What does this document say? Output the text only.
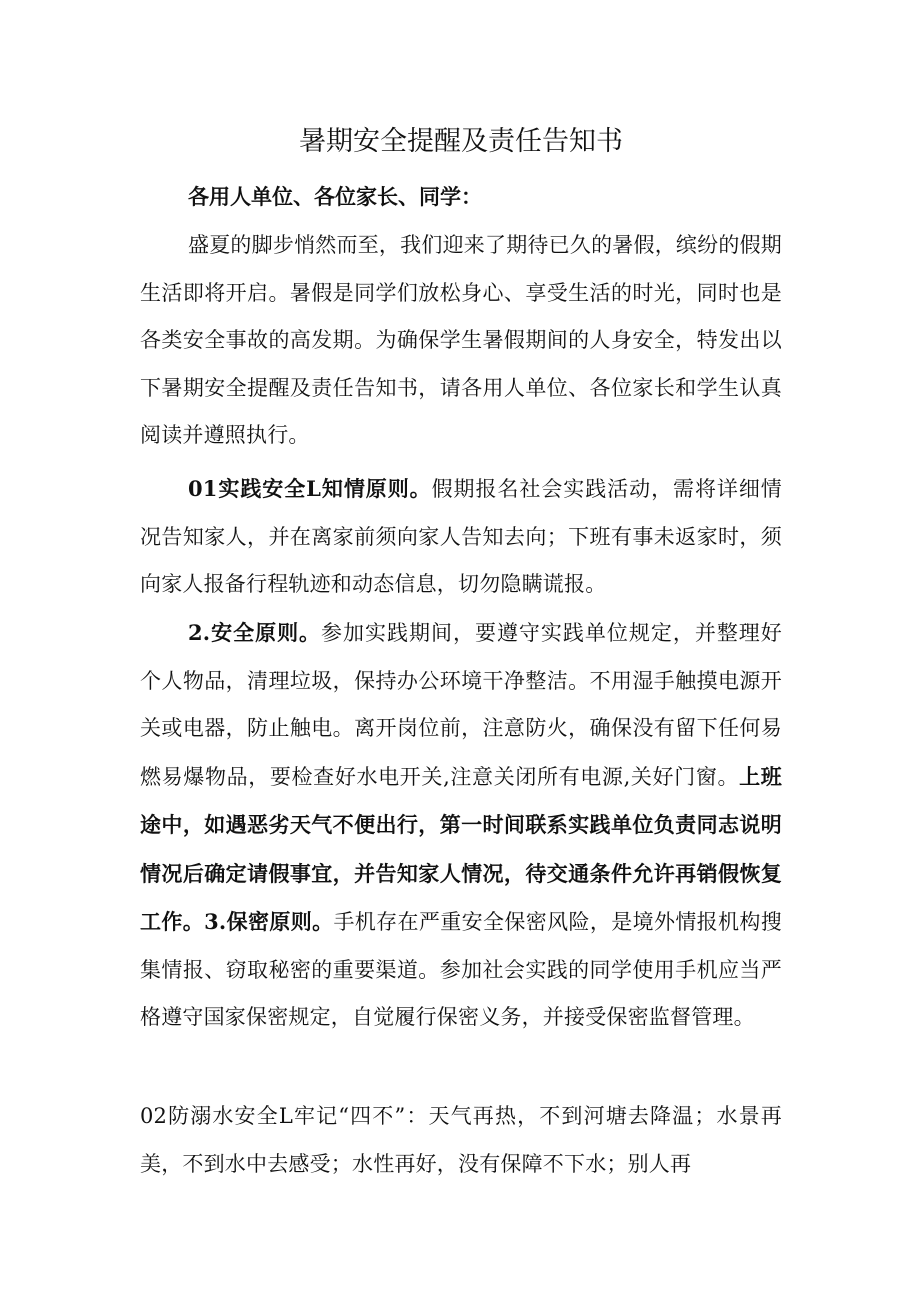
暑期安全提醒及责任告知书

各用人单位、各位家长、同学：

盛夏的脚步悄然而至，我们迎来了期待已久的暑假，缤纷的假期生活即将开启。暑假是同学们放松身心、享受生活的时光，同时也是各类安全事故的高发期。为确保学生暑假期间的人身安全，特发出以下暑期安全提醒及责任告知书，请各用人单位、各位家长和学生认真阅读并遵照执行。

01实践安全L知情原则。假期报名社会实践活动，需将详细情况告知家人，并在离家前须向家人告知去向；下班有事未返家时，须向家人报备行程轨迹和动态信息，切勿隐瞒谎报。

2.安全原则。参加实践期间，要遵守实践单位规定，并整理好个人物品，清理垃圾，保持办公环境干净整洁。不用湿手触摸电源开关或电器，防止触电。离开岗位前，注意防火，确保没有留下任何易燃易爆物品，要检查好水电开关,注意关闭所有电源,关好门窗。上班途中，如遇恶劣天气不便出行，第一时间联系实践单位负责同志说明情况后确定请假事宜，并告知家人情况，待交通条件允许再销假恢复工作。3.保密原则。手机存在严重安全保密风险，是境外情报机构搜集情报、窃取秘密的重要渠道。参加社会实践的同学使用手机应当严格遵守国家保密规定，自觉履行保密义务，并接受保密监督管理。

02防溺水安全L牢记“四不”：天气再热，不到河塘去降温；水景再美，不到水中去感受；水性再好，没有保障不下水；别人再
